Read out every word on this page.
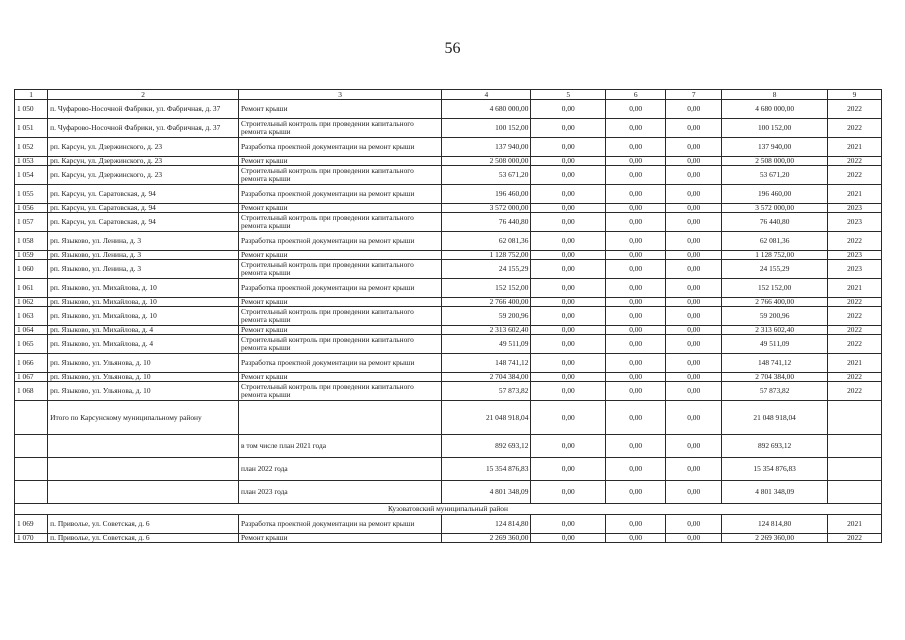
56
1	2	3	4	5	6	7	8	9
1 050	п. Чуфарово-Носочной Фабрики, ул. Фабричная, д. 37	Ремонт крыши	4 680 000,00	0,00	0,00	0,00	4 680 000,00	2022
1 051	п. Чуфарово-Носочной Фабрики, ул. Фабричная, д. 37	Строительный контроль при проведении капитального ремонта крыши	100 152,00	0,00	0,00	0,00	100 152,00	2022
1 052	рп. Карсун, ул. Дзержинского, д. 23	Разработка проектной документации на ремонт крыши	137 940,00	0,00	0,00	0,00	137 940,00	2021
1 053	рп. Карсун, ул. Дзержинского, д. 23	Ремонт крыши	2 508 000,00	0,00	0,00	0,00	2 508 000,00	2022
1 054	рп. Карсун, ул. Дзержинского, д. 23	Строительный контроль при проведении капитального ремонта крыши	53 671,20	0,00	0,00	0,00	53 671,20	2022
1 055	рп. Карсун, ул. Саратовская, д. 94	Разработка проектной документации на ремонт крыши	196 460,00	0,00	0,00	0,00	196 460,00	2021
1 056	рп. Карсун, ул. Саратовская, д. 94	Ремонт крыши	3 572 000,00	0,00	0,00	0,00	3 572 000,00	2023
1 057	рп. Карсун, ул. Саратовская, д. 94	Строительный контроль при проведении капитального ремонта крыши	76 440,80	0,00	0,00	0,00	76 440,80	2023
1 058	рп. Языково, ул. Ленина, д. 3	Разработка проектной документации на ремонт крыши	62 081,36	0,00	0,00	0,00	62 081,36	2022
1 059	рп. Языково, ул. Ленина, д. 3	Ремонт крыши	1 128 752,00	0,00	0,00	0,00	1 128 752,00	2023
1 060	рп. Языково, ул. Ленина, д. 3	Строительный контроль при проведении капитального ремонта крыши	24 155,29	0,00	0,00	0,00	24 155,29	2023
1 061	рп. Языково, ул. Михайлова, д. 10	Разработка проектной документации на ремонт крыши	152 152,00	0,00	0,00	0,00	152 152,00	2021
1 062	рп. Языково, ул. Михайлова, д. 10	Ремонт крыши	2 766 400,00	0,00	0,00	0,00	2 766 400,00	2022
1 063	рп. Языково, ул. Михайлова, д. 10	Строительный контроль при проведении капитального ремонта крыши	59 200,96	0,00	0,00	0,00	59 200,96	2022
1 064	рп. Языково, ул. Михайлова, д. 4	Ремонт крыши	2 313 602,40	0,00	0,00	0,00	2 313 602,40	2022
1 065	рп. Языково, ул. Михайлова, д. 4	Строительный контроль при проведении капитального ремонта крыши	49 511,09	0,00	0,00	0,00	49 511,09	2022
1 066	рп. Языково, ул. Ульянова, д. 10	Разработка проектной документации на ремонт крыши	148 741,12	0,00	0,00	0,00	148 741,12	2021
1 067	рп. Языково, ул. Ульянова, д. 10	Ремонт крыши	2 704 384,00	0,00	0,00	0,00	2 704 384,00	2022
1 068	рп. Языково, ул. Ульянова, д. 10	Строительный контроль при проведении капитального ремонта крыши	57 873,82	0,00	0,00	0,00	57 873,82	2022
	Итого по Карсунскому муниципальному району		21 048 918,04	0,00	0,00	0,00	21 048 918,04	
		в том числе план 2021 года	892 693,12	0,00	0,00	0,00	892 693,12	
		план 2022 года	15 354 876,83	0,00	0,00	0,00	15 354 876,83	
		план 2023 года	4 801 348,09	0,00	0,00	0,00	4 801 348,09	
Кузоватовский муниципальный район								
1 069	п. Приволье, ул. Советская, д. 6	Разработка проектной документации на ремонт крыши	124 814,80	0,00	0,00	0,00	124 814,80	2021
1 070	п. Приволье, ул. Советская, д. 6	Ремонт крыши	2 269 360,00	0,00	0,00	0,00	2 269 360,00	2022
